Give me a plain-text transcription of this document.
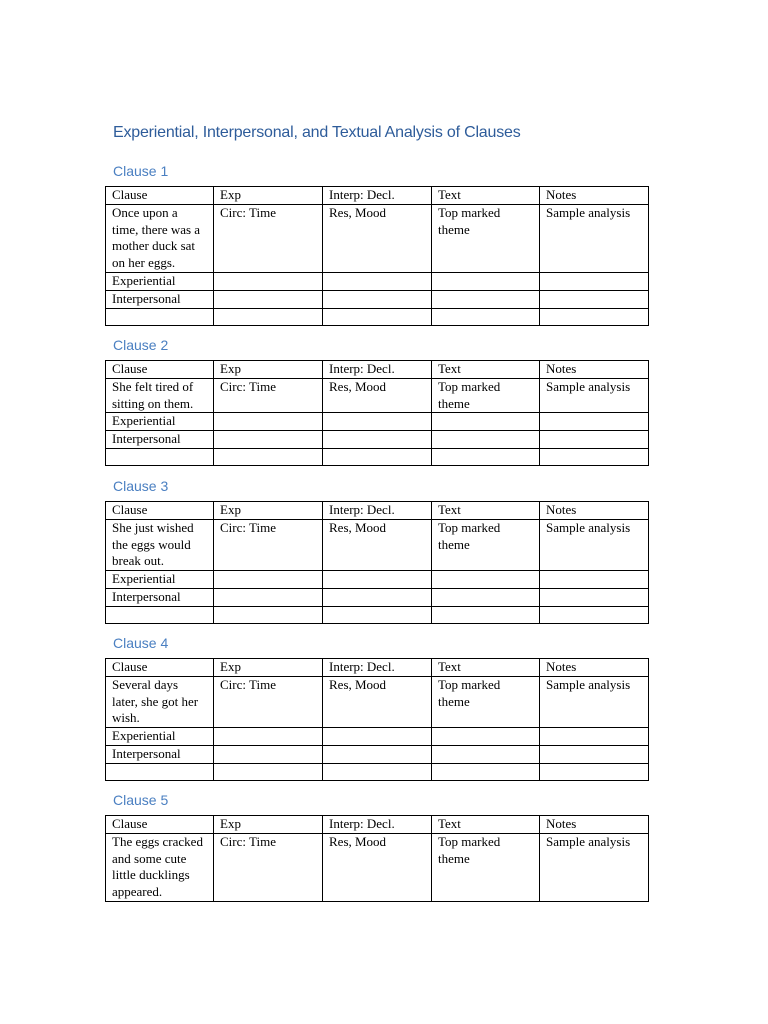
Experiential, Interpersonal, and Textual Analysis of Clauses
Clause 1
Clause	Exp	Interp: Decl.	Text	Notes
Once upon a time, there was a mother duck sat on her eggs.	Circ: Time	Res, Mood	Top marked theme	Sample analysis
Experiential				
Interpersonal				

Clause 2
Clause	Exp	Interp: Decl.	Text	Notes
She felt tired of sitting on them.	Circ: Time	Res, Mood	Top marked theme	Sample analysis
Experiential				
Interpersonal				

Clause 3
Clause	Exp	Interp: Decl.	Text	Notes
She just wished the eggs would break out.	Circ: Time	Res, Mood	Top marked theme	Sample analysis
Experiential				
Interpersonal				

Clause 4
Clause	Exp	Interp: Decl.	Text	Notes
Several days later, she got her wish.	Circ: Time	Res, Mood	Top marked theme	Sample analysis
Experiential				
Interpersonal				

Clause 5
Clause	Exp	Interp: Decl.	Text	Notes
The eggs cracked and some cute little ducklings appeared.	Circ: Time	Res, Mood	Top marked theme	Sample analysis
